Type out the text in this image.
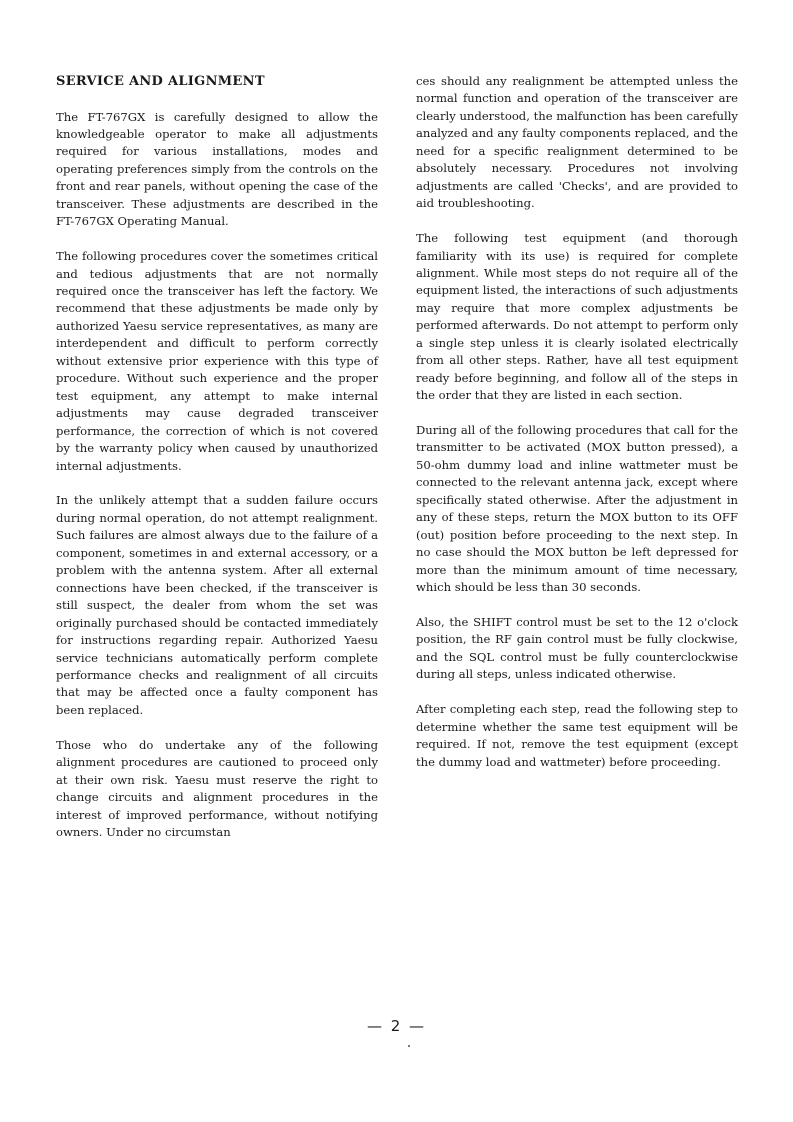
SERVICE AND ALIGNMENT

The FT-767GX is carefully designed to allow the knowledgeable operator to make all adjustments required for various installations, modes and operating preferences simply from the controls on the front and rear panels, without opening the case of the transceiver. These adjustments are described in the FT-767GX Operating Manual.

The following procedures cover the sometimes critical and tedious adjustments that are not normally required once the transceiver has left the factory. We recommend that these adjustments be made only by authorized Yaesu service representatives, as many are interdependent and difficult to perform correctly without extensive prior experience with this type of procedure. Without such experience and the proper test equipment, any attempt to make internal adjustments may cause degraded transceiver performance, the correction of which is not covered by the warranty policy when caused by unauthorized internal adjustments.

In the unlikely attempt that a sudden failure occurs during normal operation, do not attempt realignment. Such failures are almost always due to the failure of a component, sometimes in and external accessory, or a problem with the antenna system. After all external connections have been checked, if the transceiver is still suspect, the dealer from whom the set was originally purchased should be contacted immediately for instructions regarding repair. Authorized Yaesu service technicians automatically perform complete performance checks and realignment of all circuits that may be affected once a faulty component has been replaced.

Those who do undertake any of the following alignment procedures are cautioned to proceed only at their own risk. Yaesu must reserve the right to change circuits and alignment procedures in the interest of improved performance, without notifying owners. Under no circumstan

ces should any realignment be attempted unless the normal function and operation of the transceiver are clearly understood, the malfunction has been carefully analyzed and any faulty components replaced, and the need for a specific realignment determined to be absolutely necessary. Procedures not involving adjustments are called 'Checks', and are provided to aid troubleshooting.

The following test equipment (and thorough familiarity with its use) is required for complete alignment. While most steps do not require all of the equipment listed, the interactions of such adjustments may require that more complex adjustments be performed afterwards. Do not attempt to perform only a single step unless it is clearly isolated electrically from all other steps. Rather, have all test equipment ready before beginning, and follow all of the steps in the order that they are listed in each section.

During all of the following procedures that call for the transmitter to be activated (MOX button pressed), a 50-ohm dummy load and inline wattmeter must be connected to the relevant antenna jack, except where specifically stated otherwise. After the adjustment in any of these steps, return the MOX button to its OFF (out) position before proceeding to the next step. In no case should the MOX button be left depressed for more than the minimum amount of time necessary, which should be less than 30 seconds.

Also, the SHIFT control must be set to the 12 o'clock position, the RF gain control must be fully clockwise, and the SQL control must be fully counterclockwise during all steps, unless indicated otherwise.

After completing each step, read the following step to determine whether the same test equipment will be required. If not, remove the test equipment (except the dummy load and wattmeter) before proceeding.

— 2 —
